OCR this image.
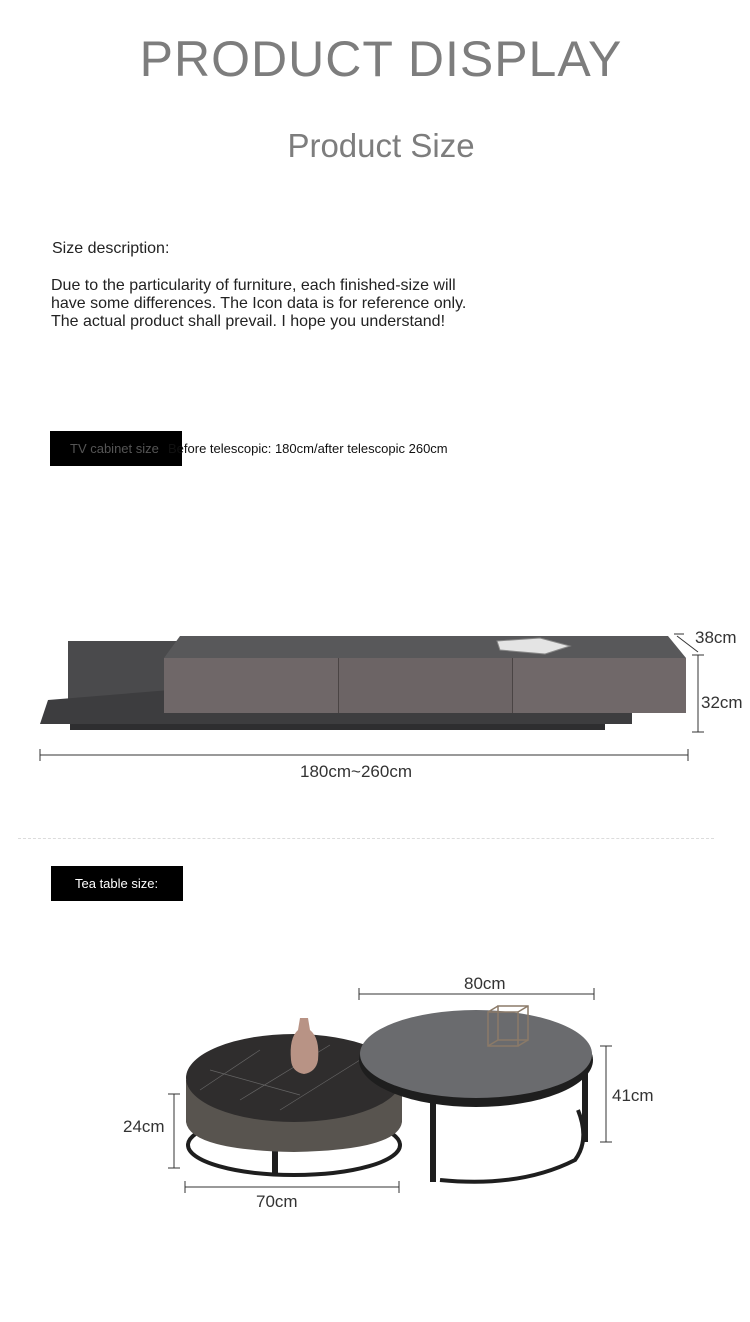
PRODUCT DISPLAY
Product Size
Size description:
Due to the particularity of furniture, each finished-size will
have some differences. The Icon data is for reference only.
The actual product shall prevail. I hope you understand!
TV cabinet size Before telescopic: 180cm/after telescopic 260cm
38cm
32cm
180cm~260cm
Tea table size:
80cm
41cm
24cm
70cm
